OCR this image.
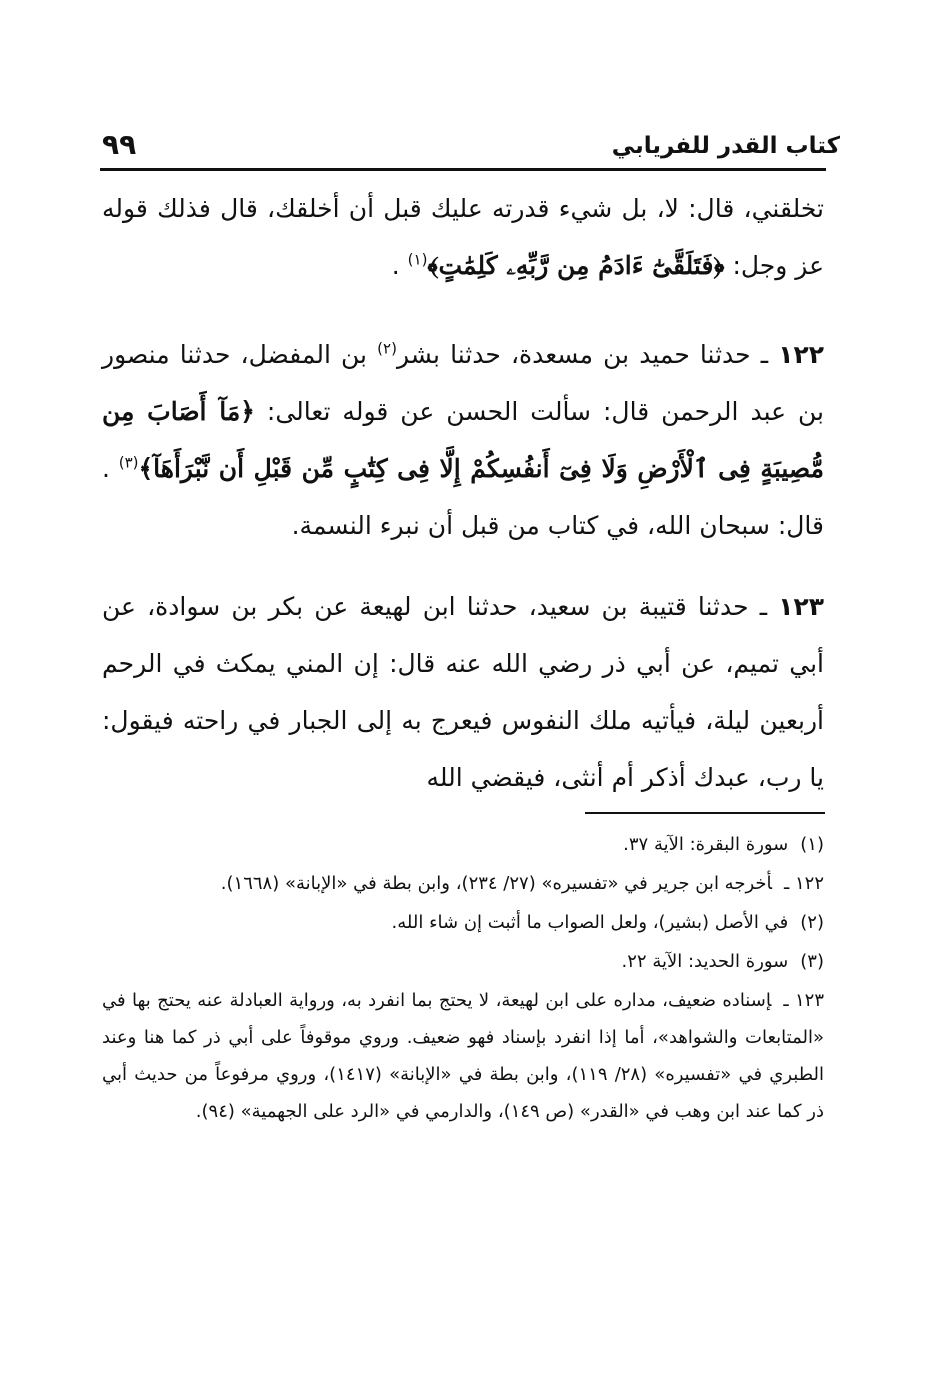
كتاب القدر للفريابي
٩٩

تخلقني، قال: لا، بل شيء قدرته عليك قبل أن أخلقك، قال فذلك قوله عز وجل: ﴿فَتَلَقَّىٰٓ ءَادَمُ مِن رَّبِّهِۦ كَلِمَٰتٍ﴾$^{(١)}$ .

١٢٢ ـ حدثنا حميد بن مسعدة، حدثنا بشر$^{(٢)}$ بن المفضل، حدثنا منصور بن عبد الرحمن قال: سألت الحسن عن قوله تعالى: ﴿مَآ أَصَابَ مِن مُّصِيبَةٍ فِى ٱلْأَرْضِ وَلَا فِىٓ أَنفُسِكُمْ إِلَّا فِى كِتَٰبٍ مِّن قَبْلِ أَن نَّبْرَأَهَآ﴾$^{(٣)}$ . قال: سبحان الله، في كتاب من قبل أن نبرء النسمة.

١٢٣ ـ حدثنا قتيبة بن سعيد، حدثنا ابن لهيعة عن بكر بن سوادة، عن أبي تميم، عن أبي ذر رضي الله عنه قال: إن المني يمكث في الرحم أربعين ليلة، فيأتيه ملك النفوس فيعرج به إلى الجبار في راحته فيقول: يا رب، عبدك أذكر أم أنثى، فيقضي الله

(١)سورة البقرة: الآية ٣٧.
١٢٢ ـأخرجه ابن جرير في «تفسيره» (٢٧/ ٢٣٤)، وابن بطة في «الإبانة» (١٦٦٨).
(٢)في الأصل (بشير)، ولعل الصواب ما أثبت إن شاء الله.
(٣)سورة الحديد: الآية ٢٢.
١٢٣ ـإسناده ضعيف، مداره على ابن لهيعة، لا يحتج بما انفرد به، ورواية العبادلة عنه يحتج بها في «المتابعات والشواهد»، أما إذا انفرد بإسناد فهو ضعيف. وروي موقوفاً على أبي ذر كما هنا وعند الطبري في «تفسيره» (٢٨/ ١١٩)، وابن بطة في «الإبانة» (١٤١٧)، وروي مرفوعاً من حديث أبي ذر كما عند ابن وهب في «القدر» (ص ١٤٩)، والدارمي في «الرد على الجهمية» (٩٤).
